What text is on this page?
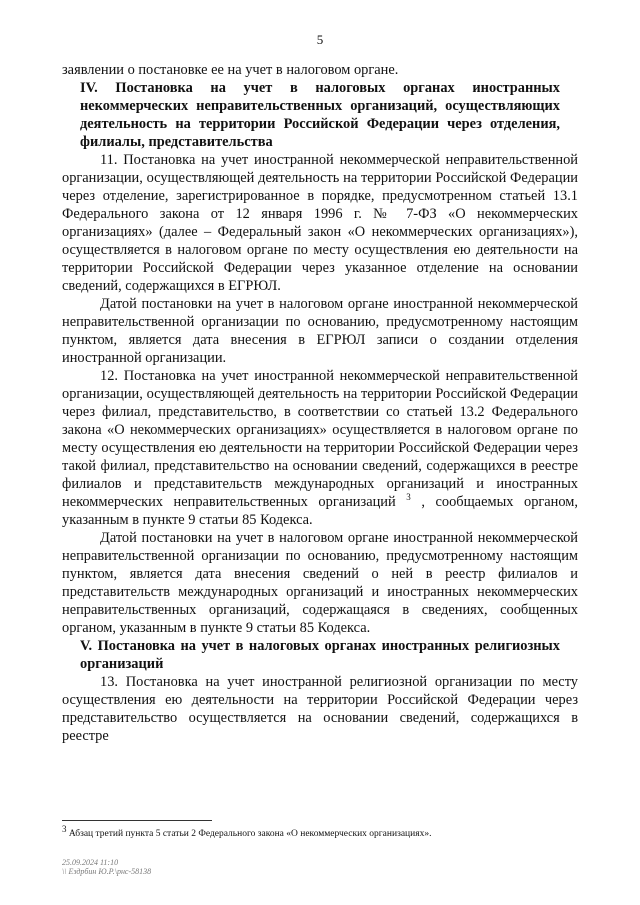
5

заявлении о постановке ее на учет в налоговом органе.

IV. Постановка на учет в налоговых органах иностранных некоммерческих неправительственных организаций, осуществляющих деятельность на территории Российской Федерации через отделения, филиалы, представительства

11. Постановка на учет иностранной некоммерческой неправительственной организации, осуществляющей деятельность на территории Российской Федерации через отделение, зарегистрированное в порядке, предусмотренном статьей 13.1 Федерального закона от 12 января 1996 г. № 7-ФЗ «О некоммерческих организациях» (далее – Федеральный закон «О некоммерческих организациях»), осуществляется в налоговом органе по месту осуществления ею деятельности на территории Российской Федерации через указанное отделение на основании сведений, содержащихся в ЕГРЮЛ.

Датой постановки на учет в налоговом органе иностранной некоммерческой неправительственной организации по основанию, предусмотренному настоящим пунктом, является дата внесения в ЕГРЮЛ записи о создании отделения иностранной организации.

12. Постановка на учет иностранной некоммерческой неправительственной организации, осуществляющей деятельность на территории Российской Федерации через филиал, представительство, в соответствии со статьей 13.2 Федерального закона «О некоммерческих организациях» осуществляется в налоговом органе по месту осуществления ею деятельности на территории Российской Федерации через такой филиал, представительство на основании сведений, содержащихся в реестре филиалов и представительств международных организаций и иностранных некоммерческих неправительственных организаций $^3$ , сообщаемых органом, указанным в пункте 9 статьи 85 Кодекса.

Датой постановки на учет в налоговом органе иностранной некоммерческой неправительственной организации по основанию, предусмотренному настоящим пунктом, является дата внесения сведений о ней в реестр филиалов и представительств международных организаций и иностранных некоммерческих неправительственных организаций, содержащаяся в сведениях, сообщенных органом, указанным в пункте 9 статьи 85 Кодекса.

V. Постановка на учет в налоговых органах иностранных религиозных организаций

13. Постановка на учет иностранной религиозной организации по месту осуществления ею деятельности на территории Российской Федерации через представительство осуществляется на основании сведений, содержащихся в реестре

$^3$ Абзац третий пункта 5 статьи 2 Федерального закона «О некоммерческих организациях».
25.09.2024 11:10
\\ Ездрбин Ю.Р.\рнс-58138
